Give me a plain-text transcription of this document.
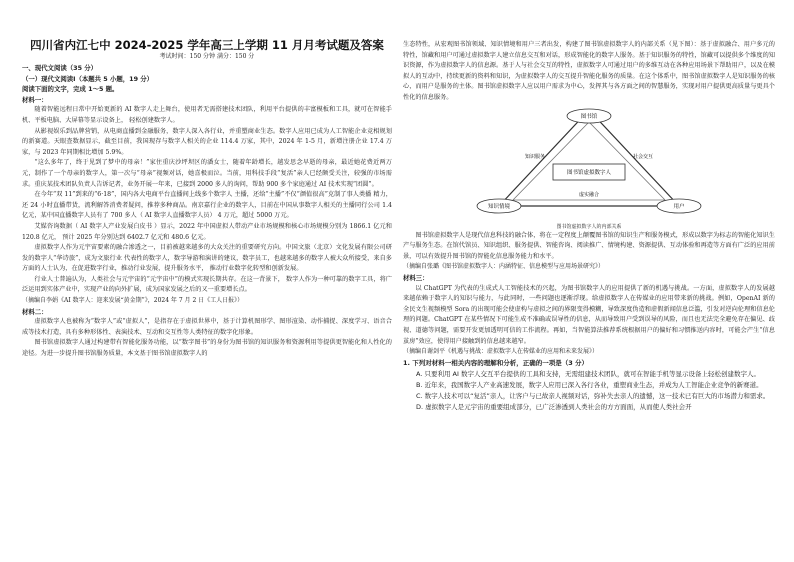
四川省内江七中 2024-2025 学年高三上学期 11 月月考试题及答案
考试时间：150 分钟 满分：150 分
一、现代文阅读（35 分）
（一）现代文阅读Ⅰ（本题共 5 小题，19 分）
阅读下面的文字，完成 1～5 题。
材料一：

随着智能远程日常中开始更新的 AI 数字人走上舞台，使用者无需搭建技术团队，利用平台提供的丰富模板和工具，就可在智能手机、平板电脑、大屏幕等显示设备上， 轻松创建数字人。

从影视娱乐到品牌营销，从电商直播到金融服务，数字人深入各行业，并重塑商业生态。数字人应用已成为人工智能企业竞相规划的新赛道。天眼查数据显示，截至目前，我国现存与数字人相关的企业 114.4 万家，其中，2024 年 1-5 月，新增注册企业 17.4 万家，与 2023 年同期相比增加 5.9%。

“这么多年了，终于见到了梦中的母亲！”家住重庆沙坪坝区的潘女士，随着年龄增长，越发思念早逝的母亲，最近她花费近两万元，制作了一个母亲的数字人，第一次与“母亲”视频对话，她喜极而泣。当前，用科技手段“复活”亲人已经颇受关注，较强的市场需求。重庆某技术团队负责人告诉记者，业务开展一年来，已接到 2000 多人的询问，帮助 900 多个家庭通过 AI 技术实现“团圆”。

在今年“双 11”到来的“6·18”，国内各大电商平台直播间上线多个数字人 主播，还给“主播”不仅“颜值很高”克制了事人类播 精力，还 24 小时直播带货，流利解答消费者疑问，推荐多种商品。南京嘉行企业的数字人，目前在中国从事数字人相关的主播同行公司 1.4 亿元，某中国直播数字人员有了 700 多人（ AI 数字人直播数字人员） 4 万元，超过 5000 万元。

艾媒咨询数据（ AI 数字人产业发展白皮书 ）显示，2022 年中国虚拟人带动产业市场规模和核心市场规模分别为 1866.1 亿元和 120.8 亿元， 预计 2025 年分别达到 6402.7 亿元和 480.6 亿元。

虚拟数字人作为元宇宙要素的融合渗透之一，目前被越来越多的大众关注的重要研究方向。中国文旅（北京）文化发展有限公司研发的数字人“华诗旅”，成为文旅行业 代表性的数字人，数字导游和演讲的建议，数字员工，也越来越多的数字人被大众所接受，来自多方面的人士认为，在促进数字行业，推动行业发展，提升服务水平， 推动行业数字化转型和创新发展。

行业人士普遍认为，人类社会与元宇宙的“元宇宙中”的模式实现长期共存。在这一背景下， 数字人作为一种可靠的数字工具，将广泛运用到实体产业中，实现产业的向外扩展，成为国家发展之后的又一重要增长点。

（摘编自李娟《AI 数字人：迎来发展“黄金期”》，2024 年 7 月 2 日《工人日报》）

材料二：

虚拟数字人也被称为“数字人”或“虚拟人”，是指存在于虚拟世界中，基于计算机图形学、图形渲染、动作捕捉、深度学习、语音合成等技术打造，具有多种形体性、表演技术、互动和交互性等人类特征的数字化形象。

图书馆虚拟数字人通过构建带有智能化服务功能，以“数字图书”的身份为图书馆的知识服务和资源利用等提供更智能化和人性化的途径。为进一步提升图书馆服务质量，本文基于图书馆虚拟数字人的

生态特性，从宏观图书馆领域、知识情境和用户三者出发，构建了图书馆虚拟数字人的内部关系（见下图）：基于虚拟融合、用户多元的特性，馆藏和用户可通过虚拟数字人建立信息交互和对话，形成智能化的数字人服务。基于知识服务的特性，馆藏可以提供多个维度的知识资源，作为虚拟数字人的信息源。基于人与社会交互的特性，虚拟数字人可通过用户的多维互动在各种应用场景下帮助用户，以及在模拟人的互动中，持续更新的资料和知识，为虚拟数字人的交互提升智能化服务的质量。在这个体系中，图书馆虚拟数字人是知识服务的核心，而用户是服务的主体。图书馆虚拟数字人应以用户需求为中心，发挥其与各方面之间的智慧服务，实现对用户提供更高质量与更具个性化的信息服务。

图书馆
知识情境	用户
图书馆虚拟数字人
知识服务	社会交互
虚实融合
图书馆虚拟数字人的内部关系

图书馆虚拟数字人是现代信息科技的融合体，将在一定程度上颠覆图书馆的知识生产和服务模式，形成以数字为标志的智能化知识生产与服务生态。在馆代馆员、知识组织、服务提供、智能咨询、阅读推广、情境构建、资源提供、互动体验和再造等方面有广泛的应用前景，可以有效提升图书馆的智能化信息服务能力和水平。

（摘编自张璐《图书馆虚拟数字人：内涵特征、信息模型与应用场景研究》）

材料三：

以 ChatGPT 为代表的生成式人工智能技术的兴起，为图书馆数字人的应用提供了新的机遇与挑战。一方面，虚拟数字人的发展越来越依赖于数字人的知识与能力，与此同时，一些问题也逐渐浮现。给虚拟数字人在传媒业的应用带来新的挑战。例如，OpenAI 新的全民文生视频模型 Sora 的出现可能会使虚构与虚拟之间的界限变得模糊，导致深度伪造和虚假新闻信息泛滥，引发对逆向伦理和信息伦理的问题。ChatGPT 在某些情况下可能生成不准确或误导性的信息，从而导致用户受到误导的风险，而且也无法完全避免存在偏见、歧视、道德等问题，需要开发更加透明可信的工作流程。再如，当智能算法推荐系统根据用户的偏好和习惯推送内容时，可能会产生“信息茧房”效应，使得用户接触到的信息越来越窄。

（摘编自谢剑平《机遇与挑战：虚拟数字人在传媒业的应用和未来发展》）

1. 下列对材料一相关内容的理解和分析，正确的一项是（3 分）

A. 只要利用 AI 数字人交互平台提供的工具和支持，无需组建技术团队，就可在智能手机等显示设备上轻松创建数字人。

B. 近年来，我国数字人产业高速发展，数字人应用已深入各行各业，重塑商业生态，并成为人工智能企业竞争的新赛道。

C. 数字人技术可以“复活”亲人，让客户与已故亲人视频对话，弥补失去亲人的遗憾，这一技术已有巨大的市场潜力和需求。

D. 虚拟数字人是元宇宙的重要组成部分，已广泛渗透到人类社会的方方面面，从而使人类社会开
